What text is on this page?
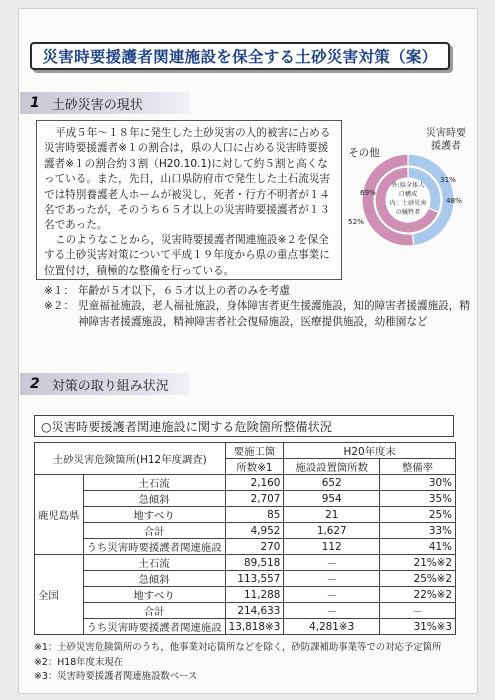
災害時要援護者関連施設を保全する土砂災害対策（案）
1 土砂災害の現状
平成５年～１８年に発生した土砂災害の人的被害に占める災害時要援護者※１の割合は，県の人口に占める災害時要援護者※１の割合約３割（H20.10.1)に対して約５割と高くなっている。また，先日，山口県防府市で発生した土石流災害では特別養護老人ホームが被災し，死者・行方不明者が１４名であったが，そのうち６５才以上の災害時要援護者が１３名であった。
このようなことから，災害時要援護者関連施設※２を保全する土砂災害対策について平成１９年度から県の重点事業に位置付け，積極的な整備を行っている。
災害時要
援護者
その他
外:県全体人
口構成
内：土砂災害
の犠牲者
52%
48%
69%
31%
※１： 年齢が５才以下，６５才以上の者のみを考慮
※２： 児童福祉施設，老人福祉施設，身体障害者更生援護施設，知的障害者援護施設，精神障害者援護施設，精神障害者社会復帰施設，医療提供施設，幼稚園など
2 対策の取り組み状況
○災害時要援護者関連施設に関する危険箇所整備状況
土砂災害危険箇所(H12年度調査)		要施工箇	H20年度末	
		所数※1	施設設置箇所数	整備率
鹿児島県	土石流	2,160	652	30%
	急傾斜	2,707	954	35%
	地すべり	85	21	25%
	合計	4,952	1,627	33%
	うち災害時要援護者関連施設	270	112	41%
全国	土石流	89,518	－	21%※2
	急傾斜	113,557	－	25%※2
	地すべり	11,288	－	22%※2
	合計	214,633	－	－
	うち災害時要援護者関連施設	13,818※3	4,281※3	31%※3
※1：土砂災害危険箇所のうち，他事業対応箇所などを除く，砂防課補助事業等での対応予定箇所
※2：H18年度末現在
※3：災害時要援護者関連施設数ベース
